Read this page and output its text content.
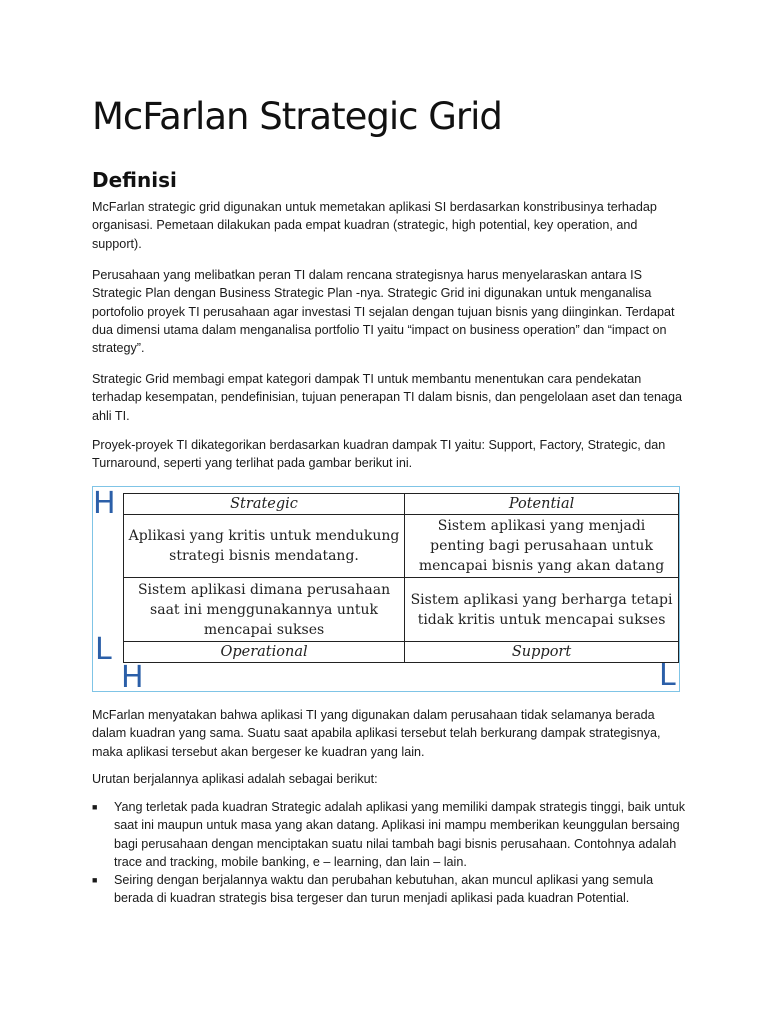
McFarlan Strategic Grid
Definisi

McFarlan strategic grid digunakan untuk memetakan aplikasi SI berdasarkan konstribusinya terhadap organisasi. Pemetaan dilakukan pada empat kuadran (strategic, high potential, key operation, and support).

Perusahaan yang melibatkan peran TI dalam rencana strategisnya harus menyelaraskan antara IS Strategic Plan dengan Business Strategic Plan -nya. Strategic Grid ini digunakan untuk menganalisa portofolio proyek TI perusahaan agar investasi TI sejalan dengan tujuan bisnis yang diinginkan. Terdapat dua dimensi utama dalam menganalisa portfolio TI yaitu “impact on business operation” dan “impact on strategy”.

Strategic Grid membagi empat kategori dampak TI untuk membantu menentukan cara pendekatan terhadap kesempatan, pendefinisian, tujuan penerapan TI dalam bisnis, dan pengelolaan aset dan tenaga ahli TI.

Proyek-proyek TI dikategorikan berdasarkan kuadran dampak TI yaitu: Support, Factory, Strategic, dan Turnaround, seperti yang terlihat pada gambar berikut ini.

McFarlan menyatakan bahwa aplikasi TI yang digunakan dalam perusahaan tidak selamanya berada dalam kuadran yang sama. Suatu saat apabila aplikasi tersebut telah berkurang dampak strategisnya, maka aplikasi tersebut akan bergeser ke kuadran yang lain.

Urutan berjalannya aplikasi adalah sebagai berikut:

H
L
H	L
Strategic	Potential
Aplikasi yang kritis untuk mendukung strategi bisnis mendatang.	Sistem aplikasi yang menjadi penting bagi perusahaan untuk mencapai bisnis yang akan datang
Sistem aplikasi dimana perusahaan saat ini menggunakannya untuk mencapai sukses	Sistem aplikasi yang berharga tetapi tidak kritis untuk mencapai sukses
Operational	Support
■ Yang terletak pada kuadran Strategic adalah aplikasi yang memiliki dampak strategis tinggi, baik untuk saat ini maupun untuk masa yang akan datang. Aplikasi ini mampu memberikan keunggulan bersaing bagi perusahaan dengan menciptakan suatu nilai tambah bagi bisnis perusahaan. Contohnya adalah trace and tracking, mobile banking, e – learning, dan lain – lain.
■ Seiring dengan berjalannya waktu dan perubahan kebutuhan, akan muncul aplikasi yang semula berada di kuadran strategis bisa tergeser dan turun menjadi aplikasi pada kuadran Potential.
